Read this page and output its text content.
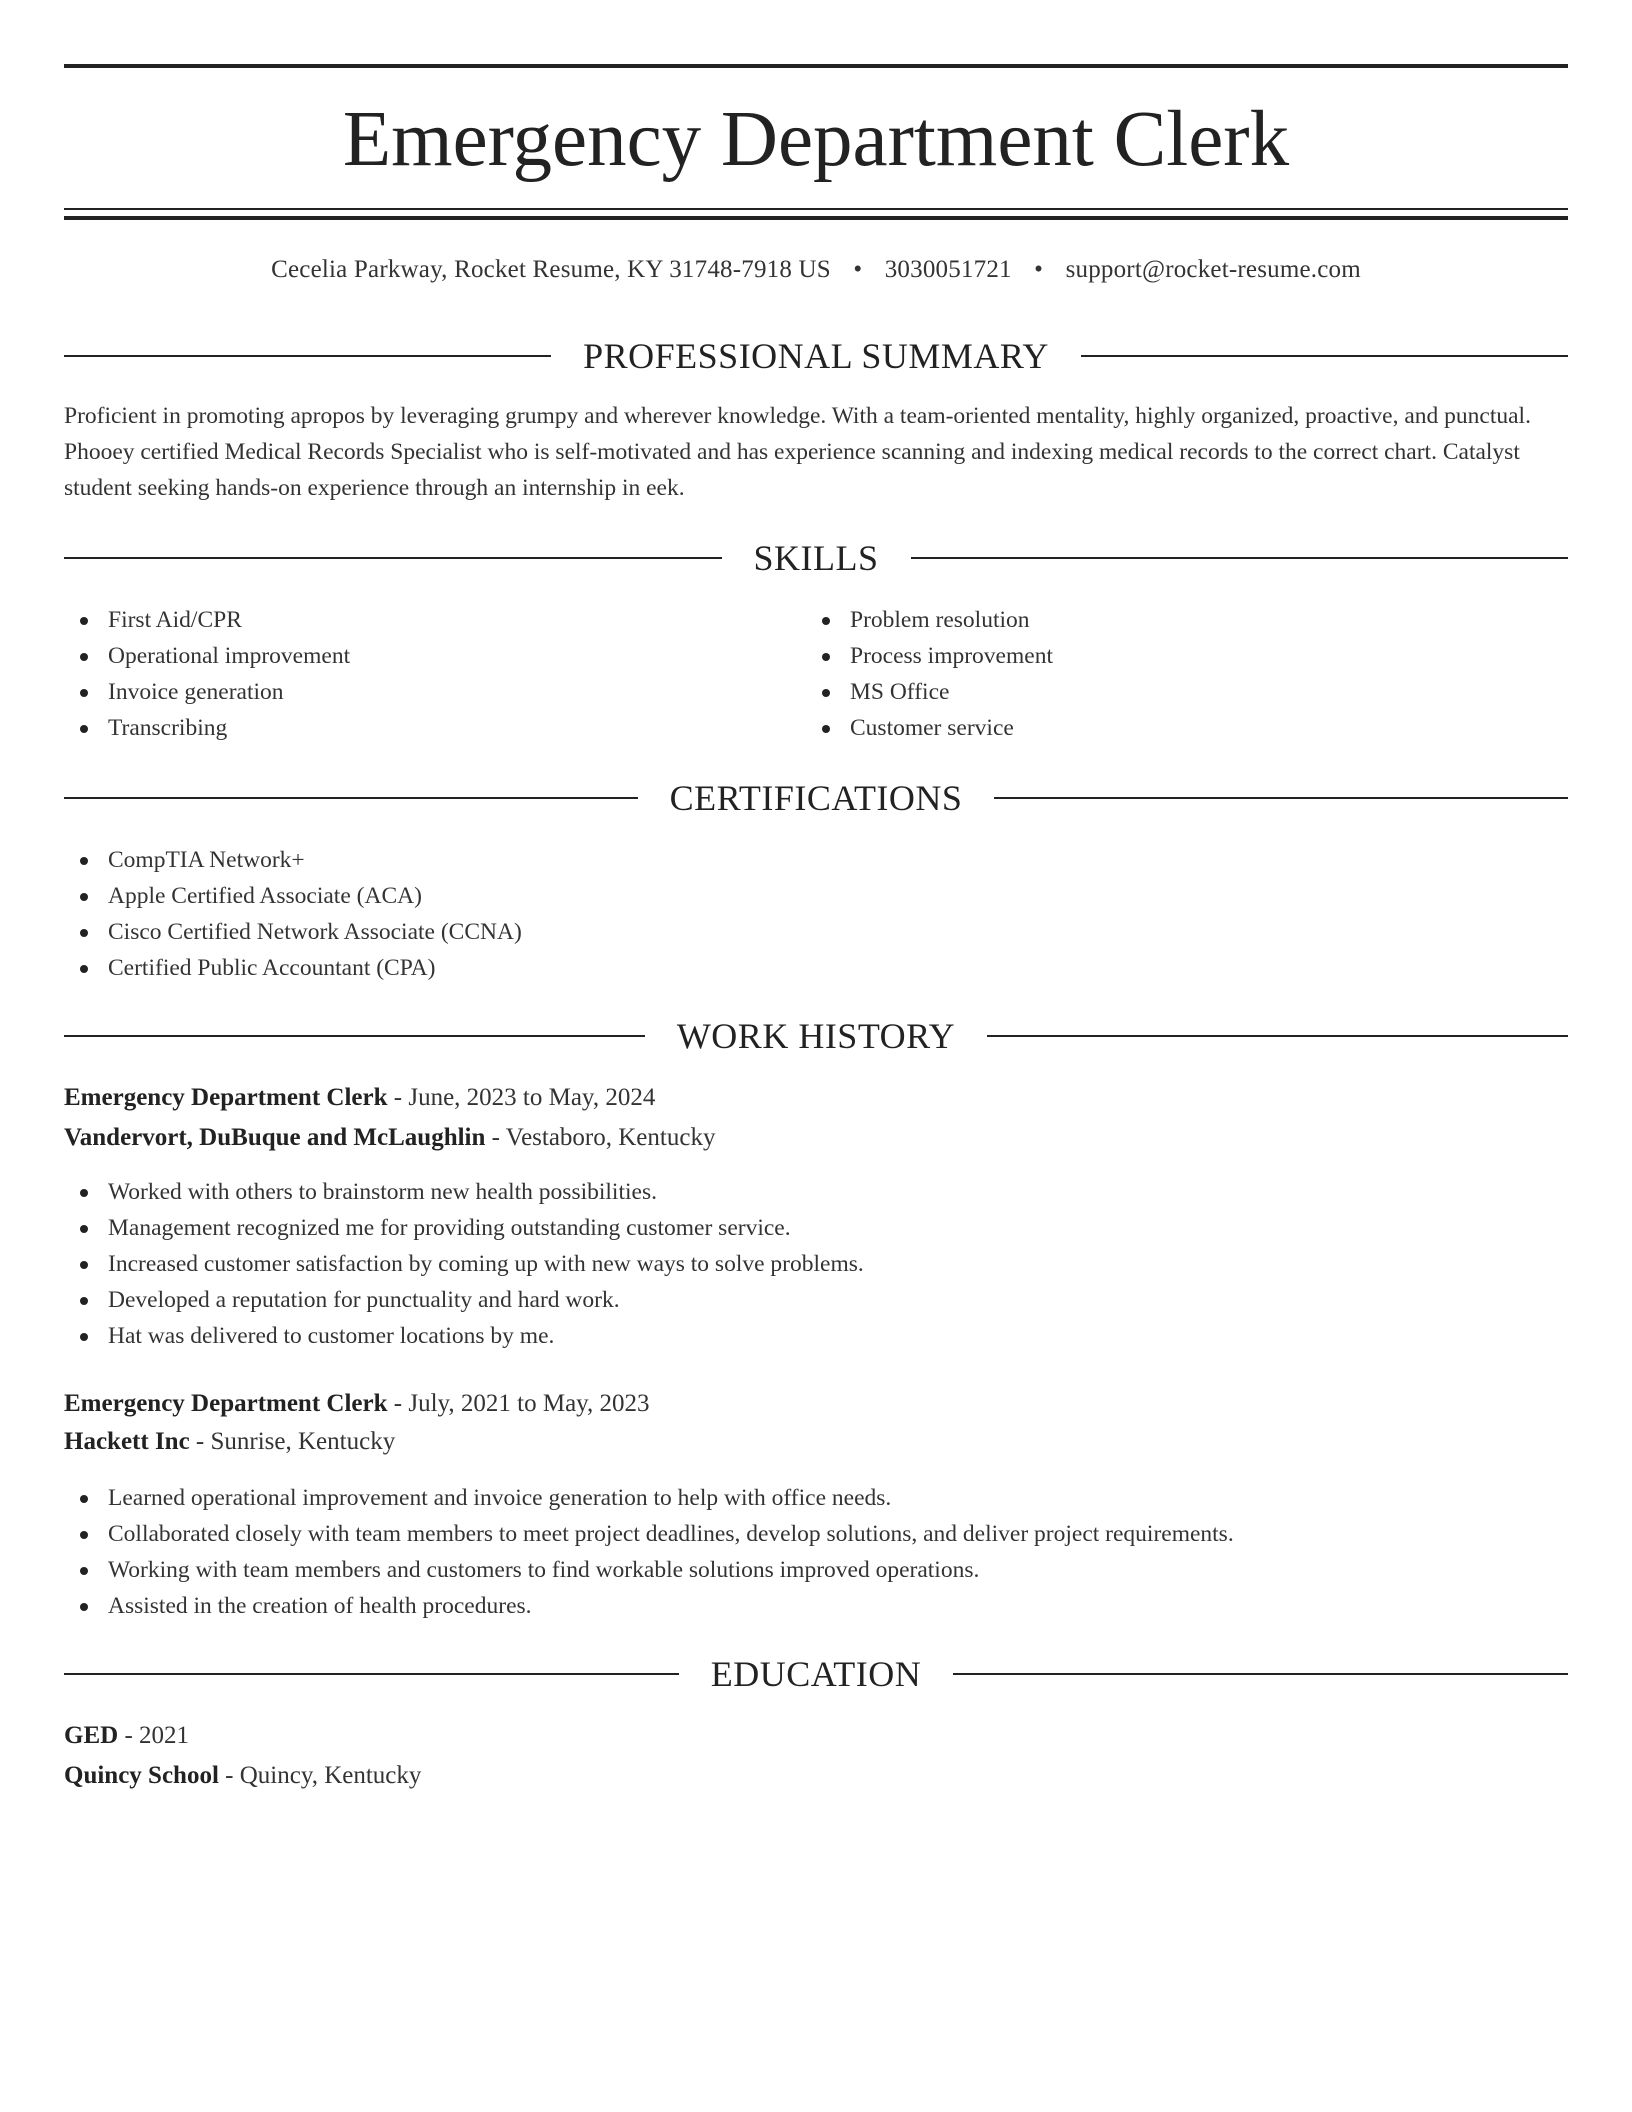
Emergency Department Clerk
Cecelia Parkway, Rocket Resume, KY 31748-7918 US • 3030051721 • support@rocket-resume.com
PROFESSIONAL SUMMARY

Proficient in promoting apropos by leveraging grumpy and wherever knowledge. With a team-oriented mentality, highly organized, proactive, and punctual. Phooey certified Medical Records Specialist who is self-motivated and has experience scanning and indexing medical records to the correct chart. Catalyst student seeking hands-on experience through an internship in eek.

SKILLS
First Aid/CPR
Operational improvement
Invoice generation
Transcribing
Problem resolution
Process improvement
MS Office
Customer service
CERTIFICATIONS
CompTIA Network+
Apple Certified Associate (ACA)
Cisco Certified Network Associate (CCNA)
Certified Public Accountant (CPA)
WORK HISTORY
Emergency Department Clerk - June, 2023 to May, 2024
Vandervort, DuBuque and McLaughlin - Vestaboro, Kentucky
Worked with others to brainstorm new health possibilities.
Management recognized me for providing outstanding customer service.
Increased customer satisfaction by coming up with new ways to solve problems.
Developed a reputation for punctuality and hard work.
Hat was delivered to customer locations by me.
Emergency Department Clerk - July, 2021 to May, 2023
Hackett Inc - Sunrise, Kentucky
Learned operational improvement and invoice generation to help with office needs.
Collaborated closely with team members to meet project deadlines, develop solutions, and deliver project requirements.
Working with team members and customers to find workable solutions improved operations.
Assisted in the creation of health procedures.
EDUCATION
GED - 2021
Quincy School - Quincy, Kentucky
